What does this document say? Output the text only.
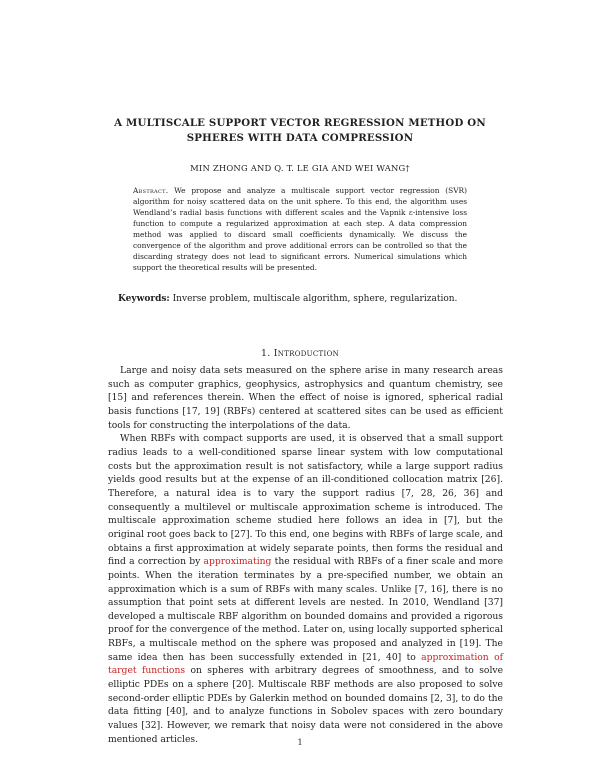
A MULTISCALE SUPPORT VECTOR REGRESSION METHOD ON
SPHERES WITH DATA COMPRESSION
MIN ZHONG AND Q. T. LE GIA AND WEI WANG†
Abstract. We propose and analyze a multiscale support vector regression (SVR) algorithm for noisy scattered data on the unit sphere. To this end, the algorithm uses Wendland’s radial basis functions with different scales and the Vapnik ε-intensive loss function to compute a regularized approximation at each step. A data compression method was applied to discard small coefficients dynamically. We discuss the convergence of the algorithm and prove additional errors can be controlled so that the discarding strategy does not lead to significant errors. Numerical simulations which support the theoretical results will be presented.
Keywords: Inverse problem, multiscale algorithm, sphere, regularization.
1. Introduction

Large and noisy data sets measured on the sphere arise in many research areas such as computer graphics, geophysics, astrophysics and quantum chemistry, see [15] and references therein. When the effect of noise is ignored, spherical radial basis functions [17, 19] (RBFs) centered at scattered sites can be used as efficient tools for constructing the interpolations of the data.

When RBFs with compact supports are used, it is observed that a small support radius leads to a well-conditioned sparse linear system with low computational costs but the approximation result is not satisfactory, while a large support radius yields good results but at the expense of an ill-conditioned collocation matrix [26]. Therefore, a natural idea is to vary the support radius [7, 28, 26, 36] and consequently a multilevel or multiscale approximation scheme is introduced. The multiscale approximation scheme studied here follows an idea in [7], but the original root goes back to [27]. To this end, one begins with RBFs of large scale, and obtains a first approximation at widely separate points, then forms the residual and find a correction by approximating the residual with RBFs of a finer scale and more points. When the iteration terminates by a pre-specified number, we obtain an approximation which is a sum of RBFs with many scales. Unlike [7, 16], there is no assumption that point sets at different levels are nested. In 2010, Wendland [37] developed a multiscale RBF algorithm on bounded domains and provided a rigorous proof for the convergence of the method. Later on, using locally supported spherical RBFs, a multiscale method on the sphere was proposed and analyzed in [19]. The same idea then has been successfully extended in [21, 40] to approximation of target functions on spheres with arbitrary degrees of smoothness, and to solve elliptic PDEs on a sphere [20]. Multiscale RBF methods are also proposed to solve second-order elliptic PDEs by Galerkin method on bounded domains [2, 3], to do the data fitting [40], and to analyze functions in Sobolev spaces with zero boundary values [32]. However, we remark that noisy data were not considered in the above mentioned articles.	1
